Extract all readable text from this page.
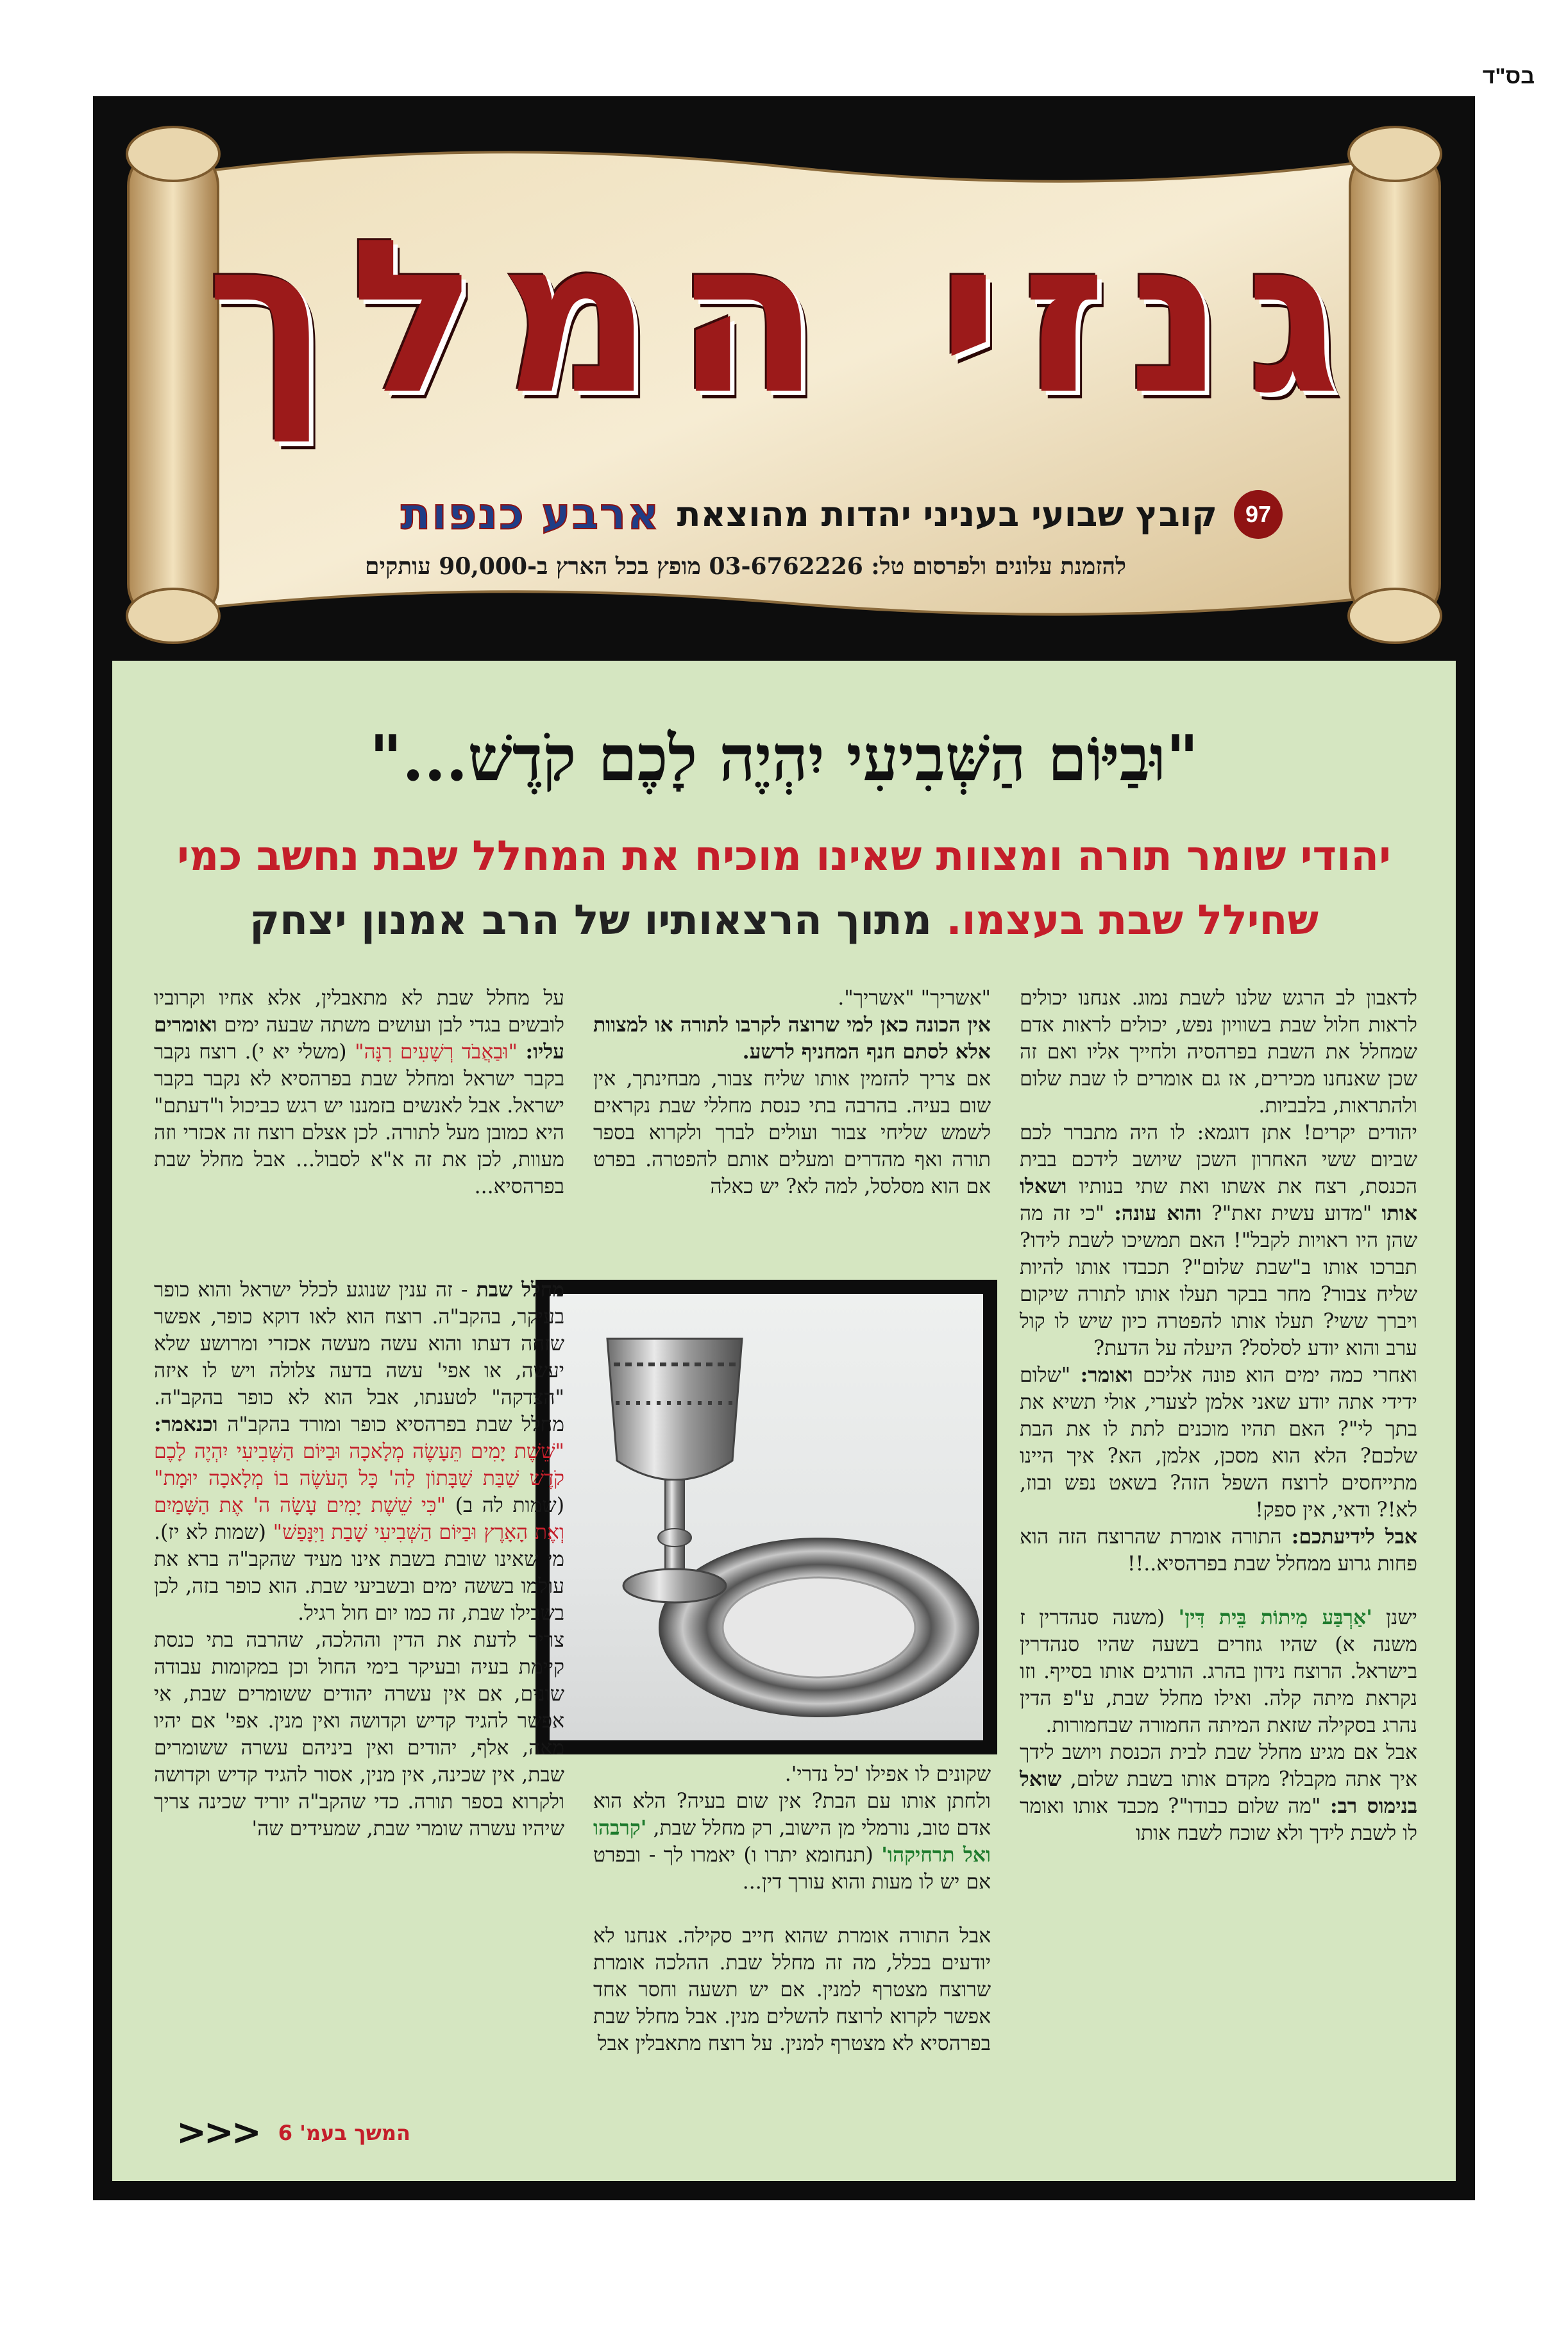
בס"ד
גנזי המלך
97
קובץ שבועי בעניני יהדות מהוצאת
ארבע כנפות
להזמנת עלונים ולפרסום טל: 03-6762226 מופץ בכל הארץ ב-90,000 עותקים
"וּבַיּוֹם הַשְּׁבִיעִי יִהְיֶה לָכֶם קֹדֶשׁ..."
יהודי שומר תורה ומצוות שאינו מוכיח את המחלל שבת נחשב כמי שחילל שבת בעצמו. מתוך הרצאותיו של הרב אמנון יצחק

לדאבון לב הרגש שלנו לשבת נמוג. אנחנו יכולים לראות חלול שבת בשוויון נפש, יכולים לראות אדם שמחלל את השבת בפרהסיה ולחייך אליו ואם זה שכן שאנחנו מכירים, אז גם אומרים לו שבת שלום ולהתראות, בלבביות.

יהודים יקרים! אתן דוגמא: לו היה מתברר לכם שביום ששי האחרון השכן שיושב לידכם בבית הכנסת, רצח את אשתו ואת שתי בנותיו ושאלו אותו "מדוע עשית זאת"? והוא עונה: "כי זה מה שהן היו ראויות לקבל"! האם תמשיכו לשבת לידו? תברכו אותו ב"שבת שלום"? תכבדו אותו להיות שליח צבור? מחר בבקר תעלו אותו לתורה שיקום ויברך ששי? תעלו אותו להפטרה כיון שיש לו קול ערב והוא יודע לסלסל? היעלה על הדעת?

ואחרי כמה ימים הוא פונה אליכם ואומר: "שלום ידידי אתה יודע שאני אלמן לצערי, אולי תשיא את בתך לי"? האם תהיו מוכנים לתת לו את הבת שלכם? הלא הוא מסכן, אלמן, הא? איך היינו מתייחסים לרוצח השפל הזה? בשאט נפש ובוז, לא!? ודאי, אין ספק!

אבל לידיעתכם: התורה אומרת שהרוצח הזה הוא פחות גרוע ממחלל שבת בפרהסיא..!!

ישנן 'אַרְבַּע מִיתוֹת בֵּית דִּין' (משנה סנהדרין ז משנה א) שהיו גוזרים בשעה שהיו סנהדרין בישראל. הרוצח נידון בהרג. הורגים אותו בסייף. וזו נקראת מיתה קלה. ואילו מחלל שבת, ע"פ הדין נהרג בסקילה שזאת המיתה החמורה שבחמורות.

אבל אם מגיע מחלל שבת לבית הכנסת ויושב לידך איך אתה מקבלו? מקדם אותו בשבת שלום, שואל בנימוס רב: "מה שלום כבודו"? מכבד אותו ואומר לו לשבת לידך ולא שוכח לשבח אותו

"אשריך" "אשריך".

אין הכונה כאן למי שרוצה לקרבו לתורה או למצוות אלא לסתם חנף המחניף לרשע.

אם צריך להזמין אותו שליח צבור, מבחינתך, אין שום בעיה. בהרבה בתי כנסת מחללי שבת נקראים לשמש שליחי צבור ועולים לברך ולקרוא בספר תורה ואף מהדרים ומעלים אותם להפטרה. בפרט אם הוא מסלסל, למה לא? יש כאלה

על מחלל שבת לא מתאבלין, אלא אחיו וקרוביו לובשים בגדי לבן ועושים משתה שבעה ימים ואומרים עליו: "וּבַאֲבֹד רְשָׁעִים רִנָּה" (משלי יא י). רוצח נקבר בקבר ישראל ומחלל שבת בפרהסיא לא נקבר בקבר ישראל. אבל לאנשים בזמננו יש רגש כביכול ו"דעתם" היא כמובן מעל לתורה. לכן אצלם רוצח זה אכזרי וזה מעוות, לכן את זה א"א לסבול... אבל מחלל שבת בפרהסיא...

מחלל שבת - זה ענין שנוגע לכלל ישראל והוא כופר בעיקר, בהקב"ה. רוצח הוא לאו דוקא כופר, אפשר שזחה דעתו והוא עשה מעשה אכזרי ומרושע שלא יעשה, או אפי' עשה בדעה צלולה ויש לו איזה "הצדקה" לטענתו, אבל הוא לא כופר בהקב"ה. מחלל שבת בפרהסיא כופר ומורד בהקב"ה וכנאמר: "שֵׁשֶׁת יָמִים תֵּעָשֶׂה מְלָאכָה וּבַיּוֹם הַשְּׁבִיעִי יִהְיֶה לָכֶם קֹדֶשׁ שַׁבַּת שַׁבָּתוֹן לַה' כָּל הָעֹשֶׂה בוֹ מְלָאכָה יוּמָת" (שמות לה ב) "כִּי שֵׁשֶׁת יָמִים עָשָׂה ה' אֶת הַשָּׁמַיִם וְאֶת הָאָרֶץ וּבַיּוֹם הַשְּׁבִיעִי שָׁבַת וַיִּנָּפַשׁ" (שמות לא יז). מי שאינו שובת בשבת אינו מעיד שהקב"ה ברא את עולמו בששה ימים ובשביעי שבת. הוא כופר בזה, לכן בשבילו שבת, זה כמו יום חול רגיל.

צריך לדעת את הדין וההלכה, שהרבה בתי כנסת קיימת בעיה ובעיקר בימי החול וכן במקומות עבודה שונים, אם אין עשרה יהודים ששומרים שבת, אי אפשר להגיד קדיש וקדושה ואין מנין. אפי' אם יהיו מאה, אלף, יהודים ואין ביניהם עשרה ששומרים שבת, אין שכינה, אין מנין, אסור להגיד קדיש וקדושה ולקרוא בספר תורה. כדי שהקב"ה יוריד שכינה צריך שיהיו עשרה שומרי שבת, שמעידים שה'

שקונים לו אפילו 'כל נדרי'.

ולחתן אותו עם הבת? אין שום בעיה? הלא הוא אדם טוב, נורמלי מן הישוב, רק מחלל שבת, 'קרבהו ואל תרחיקהו' (תנחומא יתרו ו) יאמרו לך - ובפרט אם יש לו מעות והוא עורך דין...

אבל התורה אומרת שהוא חייב סקילה. אנחנו לא יודעים בכלל, מה זה מחלל שבת. ההלכה אומרת שרוצח מצטרף למנין. אם יש תשעה וחסר אחד אפשר לקרוא לרוצח להשלים מנין. אבל מחלל שבת בפרהסיא לא מצטרף למנין. על רוצח מתאבלין אבל

המשך בעמ' 6
<<<
